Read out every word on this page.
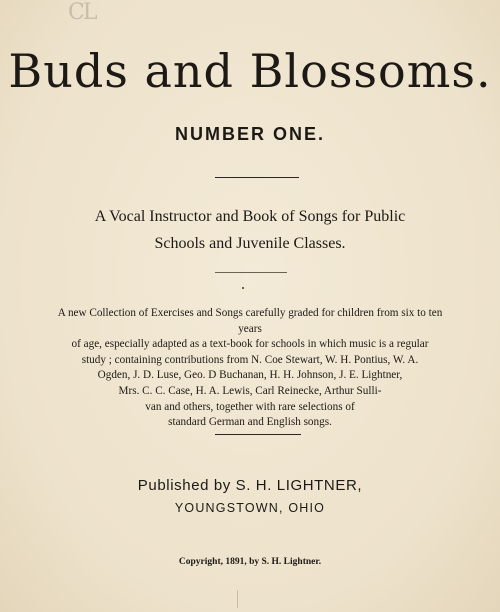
CL
Buds and Blossoms.
NUMBER ONE.
A Vocal Instructor and Book of Songs for Public
Schools and Juvenile Classes.
A new Collection of Exercises and Songs carefully graded for children from six to ten years
of age, especially adapted as a text-book for schools in which music is a regular
study ; containing contributions from N. Coe Stewart, W. H. Pontius, W. A.
Ogden, J. D. Luse, Geo. D Buchanan, H. H. Johnson, J. E. Lightner,
Mrs. C. C. Case, H. A. Lewis, Carl Reinecke, Arthur Sulli-
van and others, together with rare selections of
standard German and English songs.
Published by S. H. LIGHTNER,
YOUNGSTOWN, OHIO
Copyright, 1891, by S. H. Lightner.
